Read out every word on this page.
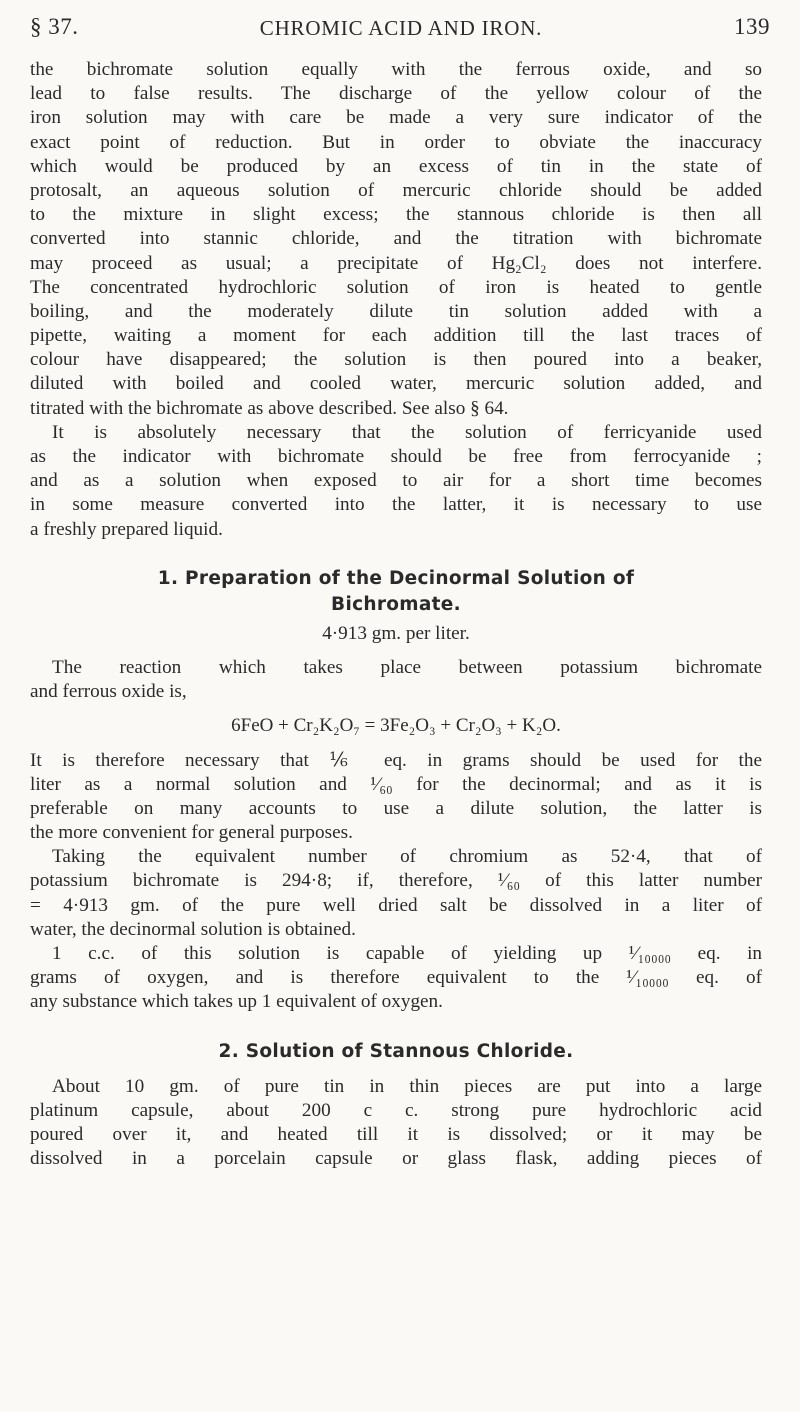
§ 37.	CHROMIC ACID AND IRON.	139
the bichromate solution equally with the ferrous oxide, and so
lead to false results. The discharge of the yellow colour of the
iron solution may with care be made a very sure indicator of the
exact point of reduction. But in order to obviate the inaccuracy
which would be produced by an excess of tin in the state of
protosalt, an aqueous solution of mercuric chloride should be added
to the mixture in slight excess; the stannous chloride is then all
converted into stannic chloride, and the titration with bichromate
may proceed as usual; a precipitate of Hg₂Cl₂ does not interfere.
The concentrated hydrochloric solution of iron is heated to gentle
boiling, and the moderately dilute tin solution added with a
pipette, waiting a moment for each addition till the last traces of
colour have disappeared; the solution is then poured into a beaker,
diluted with boiled and cooled water, mercuric solution added, and
titrated with the bichromate as above described. See also § 64.
It is absolutely necessary that the solution of ferricyanide used
as the indicator with bichromate should be free from ferrocyanide ;
and as a solution when exposed to air for a short time becomes
in some measure converted into the latter, it is necessary to use
a freshly prepared liquid.
1. Preparation of the Decinormal Solution of
Bichromate.
4·913 gm. per liter.
The reaction which takes place between potassium bichromate
and ferrous oxide is,
6FeO + Cr₂K₂O₇ = 3Fe₂O₃ + Cr₂O₃ + K₂O.
It is therefore necessary that ⅙ eq. in grams should be used for the
liter as a normal solution and ¹⁄₆₀ for the decinormal; and as it is
preferable on many accounts to use a dilute solution, the latter is
the more convenient for general purposes.
Taking the equivalent number of chromium as 52·4, that of
potassium bichromate is 294·8; if, therefore, ¹⁄₆₀ of this latter number
= 4·913 gm. of the pure well dried salt be dissolved in a liter of
water, the decinormal solution is obtained.
1 c.c. of this solution is capable of yielding up ¹⁄₁₀₀₀₀ eq. in
grams of oxygen, and is therefore equivalent to the ¹⁄₁₀₀₀₀ eq. of
any substance which takes up 1 equivalent of oxygen.
2. Solution of Stannous Chloride.
About 10 gm. of pure tin in thin pieces are put into a large
platinum capsule, about 200 c c. strong pure hydrochloric acid
poured over it, and heated till it is dissolved; or it may be
dissolved in a porcelain capsule or glass flask, adding pieces of
